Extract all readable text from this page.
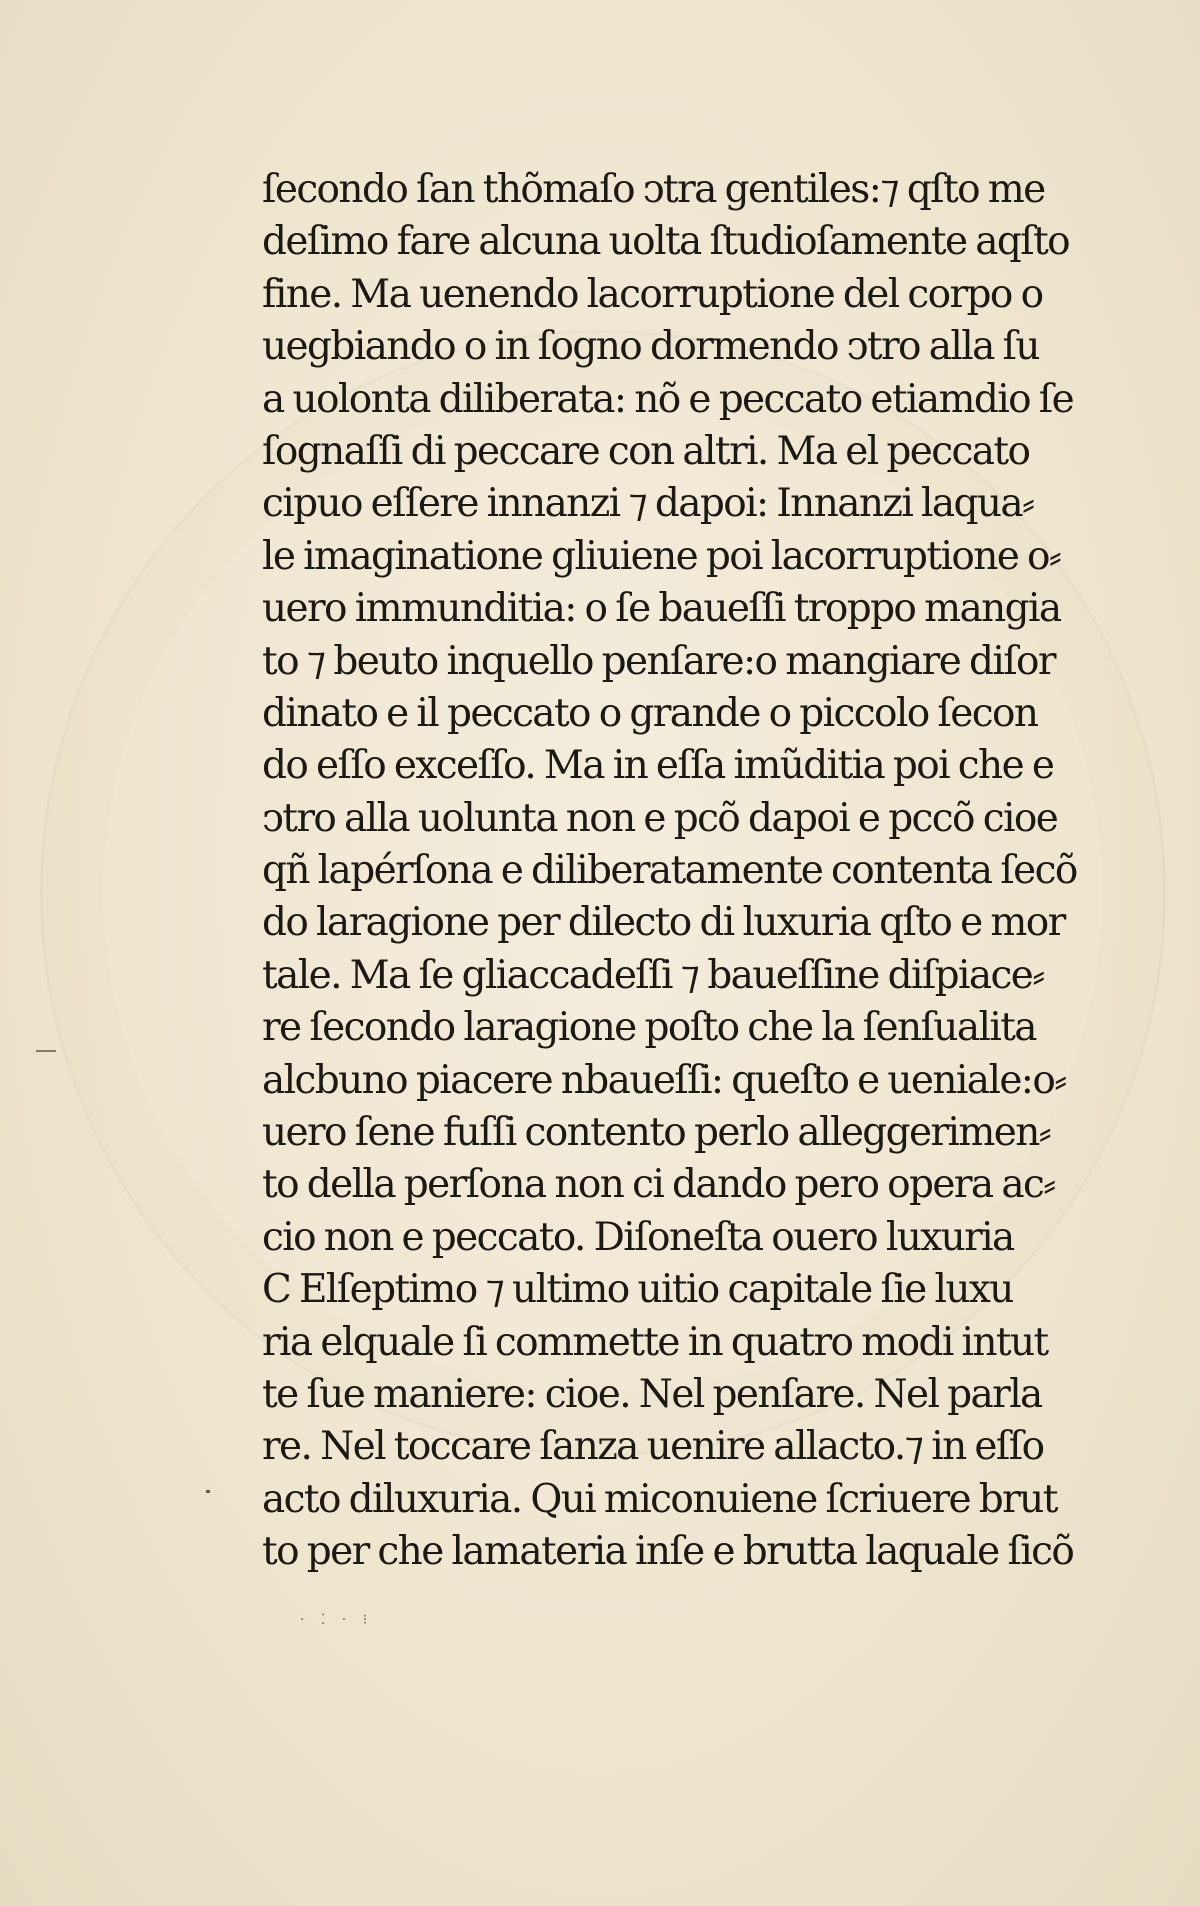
ſecondo ſan thõmaſo ↄtra gentiles:⁊ qſto me
deſimo fare alcuna uolta ſtudioſamente aqſto
fine. Ma uenendo lacorruptione del corpo o
uegbiando o in ſogno dormendo ↄtro alla ſu
a uolonta diliberata: nõ e peccato etiamdio ſe
ſognaſſi di peccare con altri. Ma el peccato
cipuo eſſere innanzi ⁊ dapoi: Innanzi laqua⸗
le imaginatione gliuiene poi lacorruptione o⸗
uero immunditia: o ſe baueſſi troppo mangia
to ⁊ beuto inquello penſare:o mangiare diſor
dinato e il peccato o grande o piccolo ſecon
do eſſo exceſſo. Ma in eſſa imũditia poi che e
ↄtro alla uolunta non e pcõ dapoi e pccõ cioe
qñ lapérſona e diliberatamente contenta ſecõ
do laragione per dilecto di luxuria qſto e mor
tale. Ma ſe gliaccadeſſi ⁊ baueſſine diſpiace⸗
re ſecondo laragione poſto che la ſenſualita
alcbuno piacere nbaueſſi: queſto e ueniale:o⸗
uero ſene fuſſi contento perlo alleggerimen⸗
to della perſona non ci dando pero opera ac⸗
cio non e peccato. Diſoneſta ouero luxuria
C Elſeptimo ⁊ ultimo uitio capitale ſie luxu
ria elquale ſi commette in quatro modi intut
te ſue maniere: cioe. Nel penſare. Nel parla
re. Nel toccare ſanza uenire allacto.⁊ in eſſo
acto diluxuria. Qui miconuiene ſcriuere brut
to per che lamateria inſe e brutta laquale ſicõ
· ⁚ · ⁝
